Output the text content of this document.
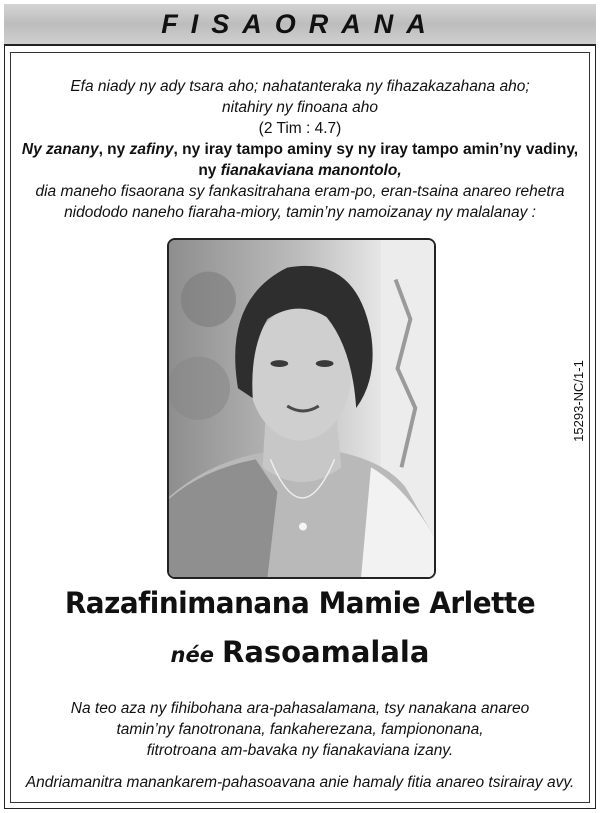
FISAORANA
Efa niady ny ady tsara aho; nahatanteraka ny fihazakazahana aho;
nitahiry ny finoana aho
(2 Tim : 4.7)
Ny zanany, ny zafiny, ny iray tampo aminy sy ny iray tampo amin’ny vadiny,
ny fianakaviana manontolo,
dia maneho fisaorana sy fankasitrahana eram-po, eran-tsaina anareo rehetra
nidododo naneho fiaraha-miory, tamin’ny namoizanay ny malalanay :
15293-NC/1-1
Razafinimanana Mamie Arlette
née Rasoamalala
Na teo aza ny fihibohana ara-pahasalamana, tsy nanakana anareo
tamin’ny fanotronana, fankaherezana, fampiononana,
fitrotroana am-bavaka ny fianakaviana izany.
Andriamanitra manankarem-pahasoavana anie hamaly fitia anareo tsirairay avy.
